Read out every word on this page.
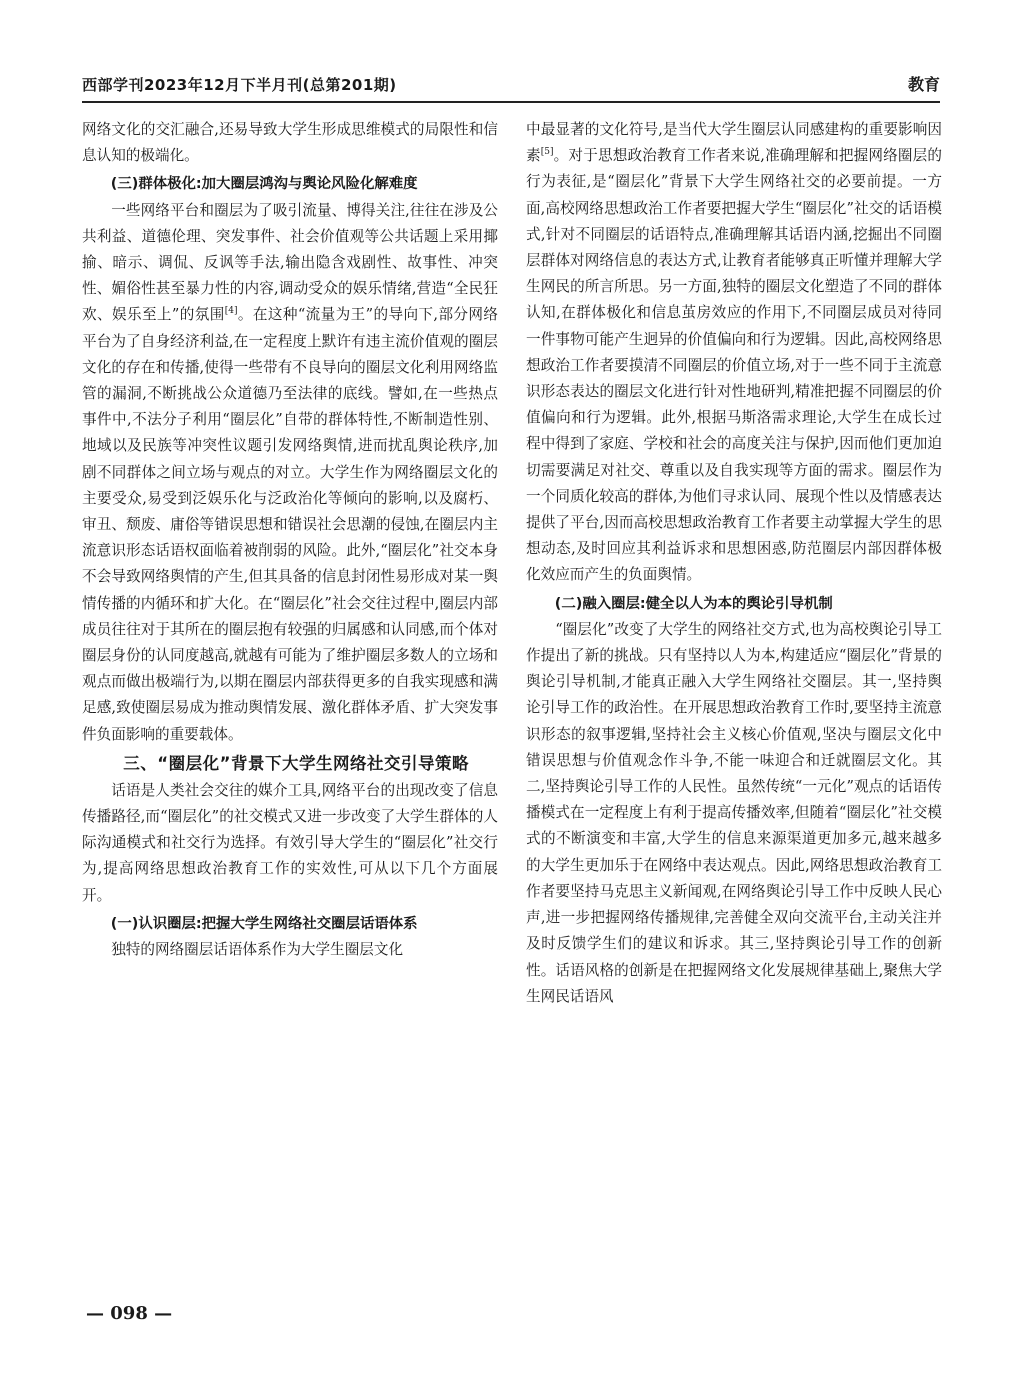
西部学刊2023年12月下半月刊(总第201期)	教育

网络文化的交汇融合,还易导致大学生形成思维模式的局限性和信息认知的极端化。

(三)群体极化:加大圈层鸿沟与舆论风险化解难度

一些网络平台和圈层为了吸引流量、博得关注,往往在涉及公共利益、道德伦理、突发事件、社会价值观等公共话题上采用揶揄、暗示、调侃、反讽等手法,输出隐含戏剧性、故事性、冲突性、媚俗性甚至暴力性的内容,调动受众的娱乐情绪,营造“全民狂欢、娱乐至上”的氛围[4]。在这种“流量为王”的导向下,部分网络平台为了自身经济利益,在一定程度上默许有违主流价值观的圈层文化的存在和传播,使得一些带有不良导向的圈层文化利用网络监管的漏洞,不断挑战公众道德乃至法律的底线。譬如,在一些热点事件中,不法分子利用“圈层化”自带的群体特性,不断制造性别、地域以及民族等冲突性议题引发网络舆情,进而扰乱舆论秩序,加剧不同群体之间立场与观点的对立。大学生作为网络圈层文化的主要受众,易受到泛娱乐化与泛政治化等倾向的影响,以及腐朽、审丑、颓废、庸俗等错误思想和错误社会思潮的侵蚀,在圈层内主流意识形态话语权面临着被削弱的风险。此外,“圈层化”社交本身不会导致网络舆情的产生,但其具备的信息封闭性易形成对某一舆情传播的内循环和扩大化。在“圈层化”社会交往过程中,圈层内部成员往往对于其所在的圈层抱有较强的归属感和认同感,而个体对圈层身份的认同度越高,就越有可能为了维护圈层多数人的立场和观点而做出极端行为,以期在圈层内部获得更多的自我实现感和满足感,致使圈层易成为推动舆情发展、激化群体矛盾、扩大突发事件负面影响的重要载体。

三、“圈层化”背景下大学生网络社交引导策略

话语是人类社会交往的媒介工具,网络平台的出现改变了信息传播路径,而“圈层化”的社交模式又进一步改变了大学生群体的人际沟通模式和社交行为选择。有效引导大学生的“圈层化”社交行为,提高网络思想政治教育工作的实效性,可从以下几个方面展开。

(一)认识圈层:把握大学生网络社交圈层话语体系

独特的网络圈层话语体系作为大学生圈层文化

中最显著的文化符号,是当代大学生圈层认同感建构的重要影响因素[5]。对于思想政治教育工作者来说,准确理解和把握网络圈层的行为表征,是“圈层化”背景下大学生网络社交的必要前提。一方面,高校网络思想政治工作者要把握大学生“圈层化”社交的话语模式,针对不同圈层的话语特点,准确理解其话语内涵,挖掘出不同圈层群体对网络信息的表达方式,让教育者能够真正听懂并理解大学生网民的所言所思。另一方面,独特的圈层文化塑造了不同的群体认知,在群体极化和信息茧房效应的作用下,不同圈层成员对待同一件事物可能产生迥异的价值偏向和行为逻辑。因此,高校网络思想政治工作者要摸清不同圈层的价值立场,对于一些不同于主流意识形态表达的圈层文化进行针对性地研判,精准把握不同圈层的价值偏向和行为逻辑。此外,根据马斯洛需求理论,大学生在成长过程中得到了家庭、学校和社会的高度关注与保护,因而他们更加迫切需要满足对社交、尊重以及自我实现等方面的需求。圈层作为一个同质化较高的群体,为他们寻求认同、展现个性以及情感表达提供了平台,因而高校思想政治教育工作者要主动掌握大学生的思想动态,及时回应其利益诉求和思想困惑,防范圈层内部因群体极化效应而产生的负面舆情。

(二)融入圈层:健全以人为本的舆论引导机制

“圈层化”改变了大学生的网络社交方式,也为高校舆论引导工作提出了新的挑战。只有坚持以人为本,构建适应“圈层化”背景的舆论引导机制,才能真正融入大学生网络社交圈层。其一,坚持舆论引导工作的政治性。在开展思想政治教育工作时,要坚持主流意识形态的叙事逻辑,坚持社会主义核心价值观,坚决与圈层文化中错误思想与价值观念作斗争,不能一味迎合和迁就圈层文化。其二,坚持舆论引导工作的人民性。虽然传统“一元化”观点的话语传播模式在一定程度上有利于提高传播效率,但随着“圈层化”社交模式的不断演变和丰富,大学生的信息来源渠道更加多元,越来越多的大学生更加乐于在网络中表达观点。因此,网络思想政治教育工作者要坚持马克思主义新闻观,在网络舆论引导工作中反映人民心声,进一步把握网络传播规律,完善健全双向交流平台,主动关注并及时反馈学生们的建议和诉求。其三,坚持舆论引导工作的创新性。话语风格的创新是在把握网络文化发展规律基础上,聚焦大学生网民话语风

— 098 —
